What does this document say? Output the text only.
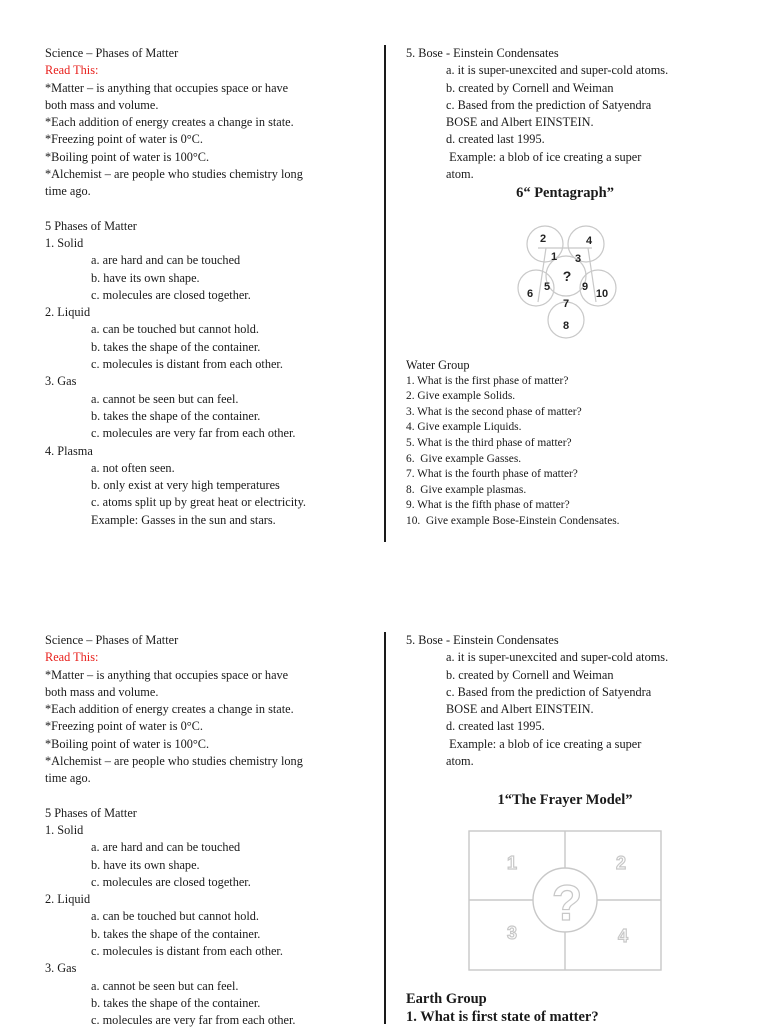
Science – Phases of Matter
Read This:
*Matter – is anything that occupies space or have
both mass and volume.
*Each addition of energy creates a change in state.
*Freezing point of water is 0°C.
*Boiling point of water is 100°C.
*Alchemist – are people who studies chemistry long
time ago.
5 Phases of Matter
1. Solid
a. are hard and can be touched
b. have its own shape.
c. molecules are closed together.
2. Liquid
a. can be touched but cannot hold.
b. takes the shape of the container.
c. molecules is distant from each other.
3. Gas
a. cannot be seen but can feel.
b. takes the shape of the container.
c. molecules are very far from each other.
4. Plasma
a. not often seen.
b. only exist at very high temperatures
c. atoms split up by great heat or electricity.
Example: Gasses in the sun and stars.
5. Bose - Einstein Condensates
a. it is super-unexcited and super-cold atoms.
b. created by Cornell and Weiman
c. Based from the prediction of Satyendra
BOSE and Albert EINSTEIN.
d. created last 1995.
Example: a blob of ice creating a super
atom.
6“ Pentagraph”
2	4
1 3
?
5	9
6
7
10
8
Water Group
1. What is the first phase of matter?
2. Give example Solids.
3. What is the second phase of matter?
4. Give example Liquids.
5. What is the third phase of matter?
6.  Give example Gasses.
7. What is the fourth phase of matter?
8.  Give example plasmas.
9. What is the fifth phase of matter?
10.  Give example Bose-Einstein Condensates.
Science – Phases of Matter
Read This:
*Matter – is anything that occupies space or have
both mass and volume.
*Each addition of energy creates a change in state.
*Freezing point of water is 0°C.
*Boiling point of water is 100°C.
*Alchemist – are people who studies chemistry long
time ago.
5 Phases of Matter
1. Solid
a. are hard and can be touched
b. have its own shape.
c. molecules are closed together.
2. Liquid
a. can be touched but cannot hold.
b. takes the shape of the container.
c. molecules is distant from each other.
3. Gas
a. cannot be seen but can feel.
b. takes the shape of the container.
c. molecules are very far from each other.
5. Bose - Einstein Condensates
a. it is super-unexcited and super-cold atoms.
b. created by Cornell and Weiman
c. Based from the prediction of Satyendra
BOSE and Albert EINSTEIN.
d. created last 1995.
Example: a blob of ice creating a super
atom.
1“The Frayer Model”
1	2
3	4
?
Earth Group
1. What is first state of matter?
